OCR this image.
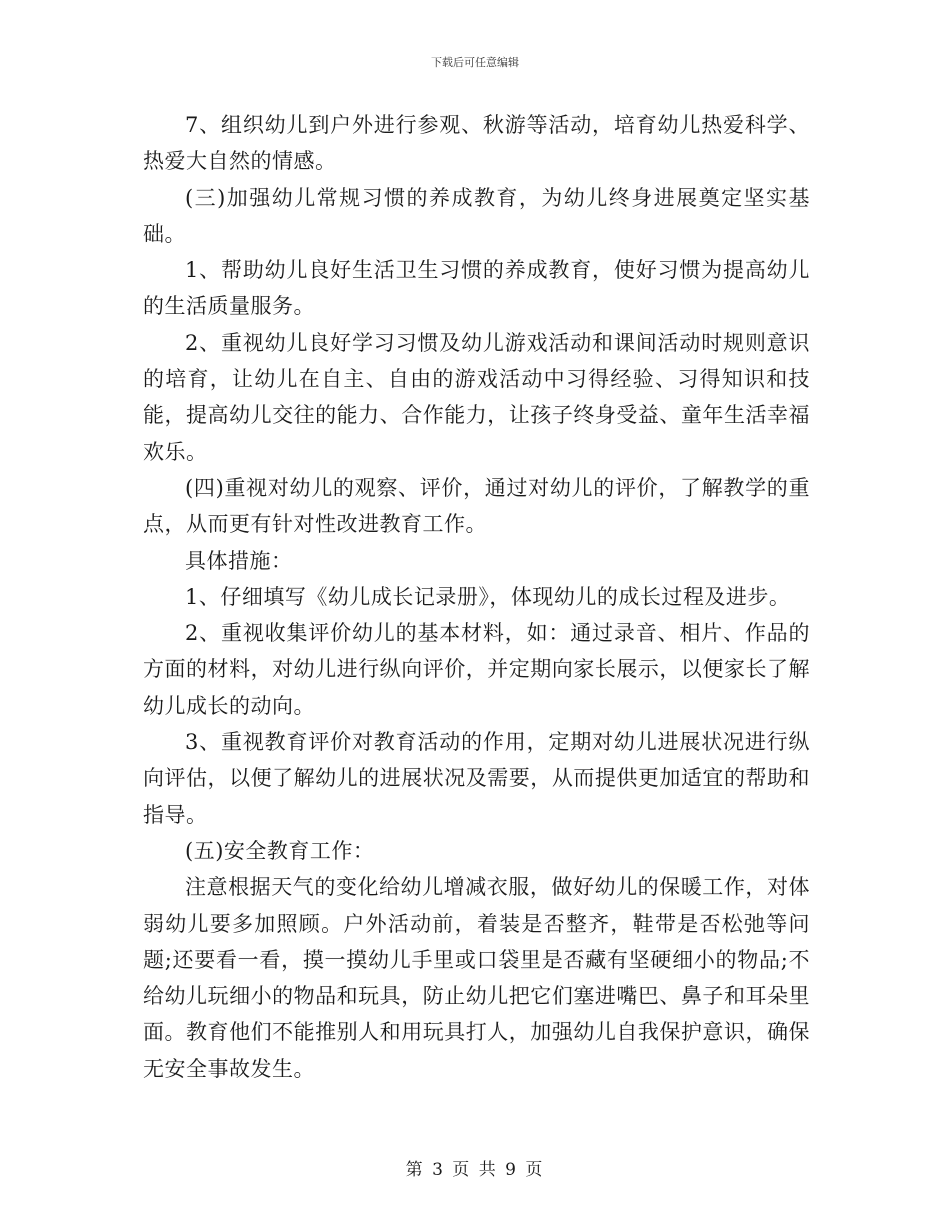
下载后可任意编辑

7、组织幼儿到户外进行参观、秋游等活动，培育幼儿热爱科学、热爱大自然的情感。

(三)加强幼儿常规习惯的养成教育，为幼儿终身进展奠定坚实基础。

1、帮助幼儿良好生活卫生习惯的养成教育，使好习惯为提高幼儿的生活质量服务。

2、重视幼儿良好学习习惯及幼儿游戏活动和课间活动时规则意识的培育，让幼儿在自主、自由的游戏活动中习得经验、习得知识和技能，提高幼儿交往的能力、合作能力，让孩子终身受益、童年生活幸福欢乐。

(四)重视对幼儿的观察、评价，通过对幼儿的评价，了解教学的重点，从而更有针对性改进教育工作。

具体措施：

1、仔细填写《幼儿成长记录册》，体现幼儿的成长过程及进步。

2、重视收集评价幼儿的基本材料，如：通过录音、相片、作品的方面的材料，对幼儿进行纵向评价，并定期向家长展示，以便家长了解幼儿成长的动向。

3、重视教育评价对教育活动的作用，定期对幼儿进展状况进行纵向评估，以便了解幼儿的进展状况及需要，从而提供更加适宜的帮助和指导。

(五)安全教育工作：

注意根据天气的变化给幼儿增减衣服，做好幼儿的保暖工作，对体弱幼儿要多加照顾。户外活动前，着装是否整齐，鞋带是否松弛等问题;还要看一看，摸一摸幼儿手里或口袋里是否藏有坚硬细小的物品;不给幼儿玩细小的物品和玩具，防止幼儿把它们塞进嘴巴、鼻子和耳朵里面。教育他们不能推别人和用玩具打人，加强幼儿自我保护意识，确保无安全事故发生。

第 3 页 共 9 页
